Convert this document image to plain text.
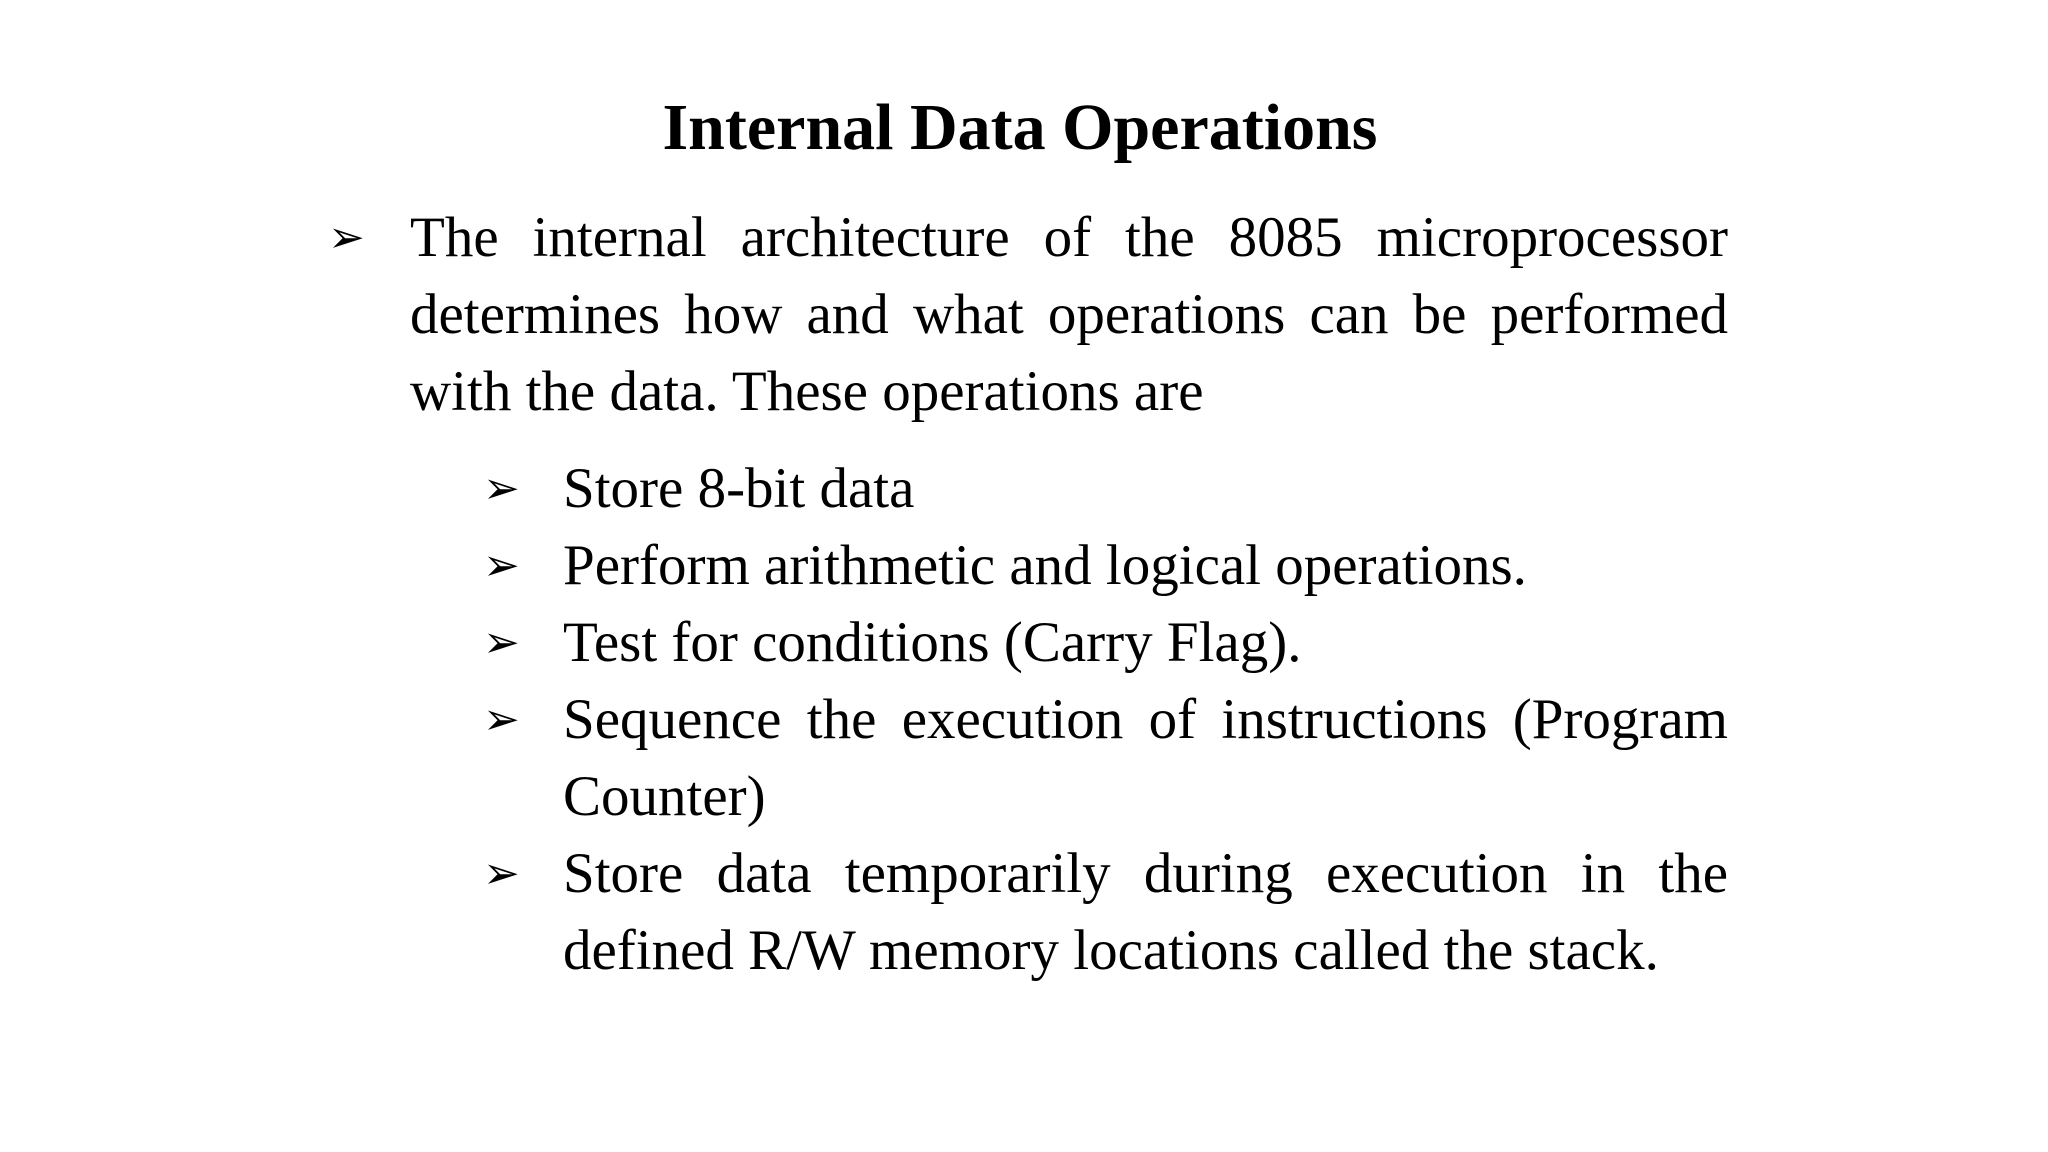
Internal Data Operations
➢ The internal architecture of the 8085 microprocessor determines how and what operations can be performed with the data. These operations are
➢ Store 8-bit data
➢ Perform arithmetic and logical operations.
➢ Test for conditions (Carry Flag).
➢ Sequence the execution of instructions (Program Counter)
➢ Store data temporarily during execution in the defined R/W memory locations called the stack.
